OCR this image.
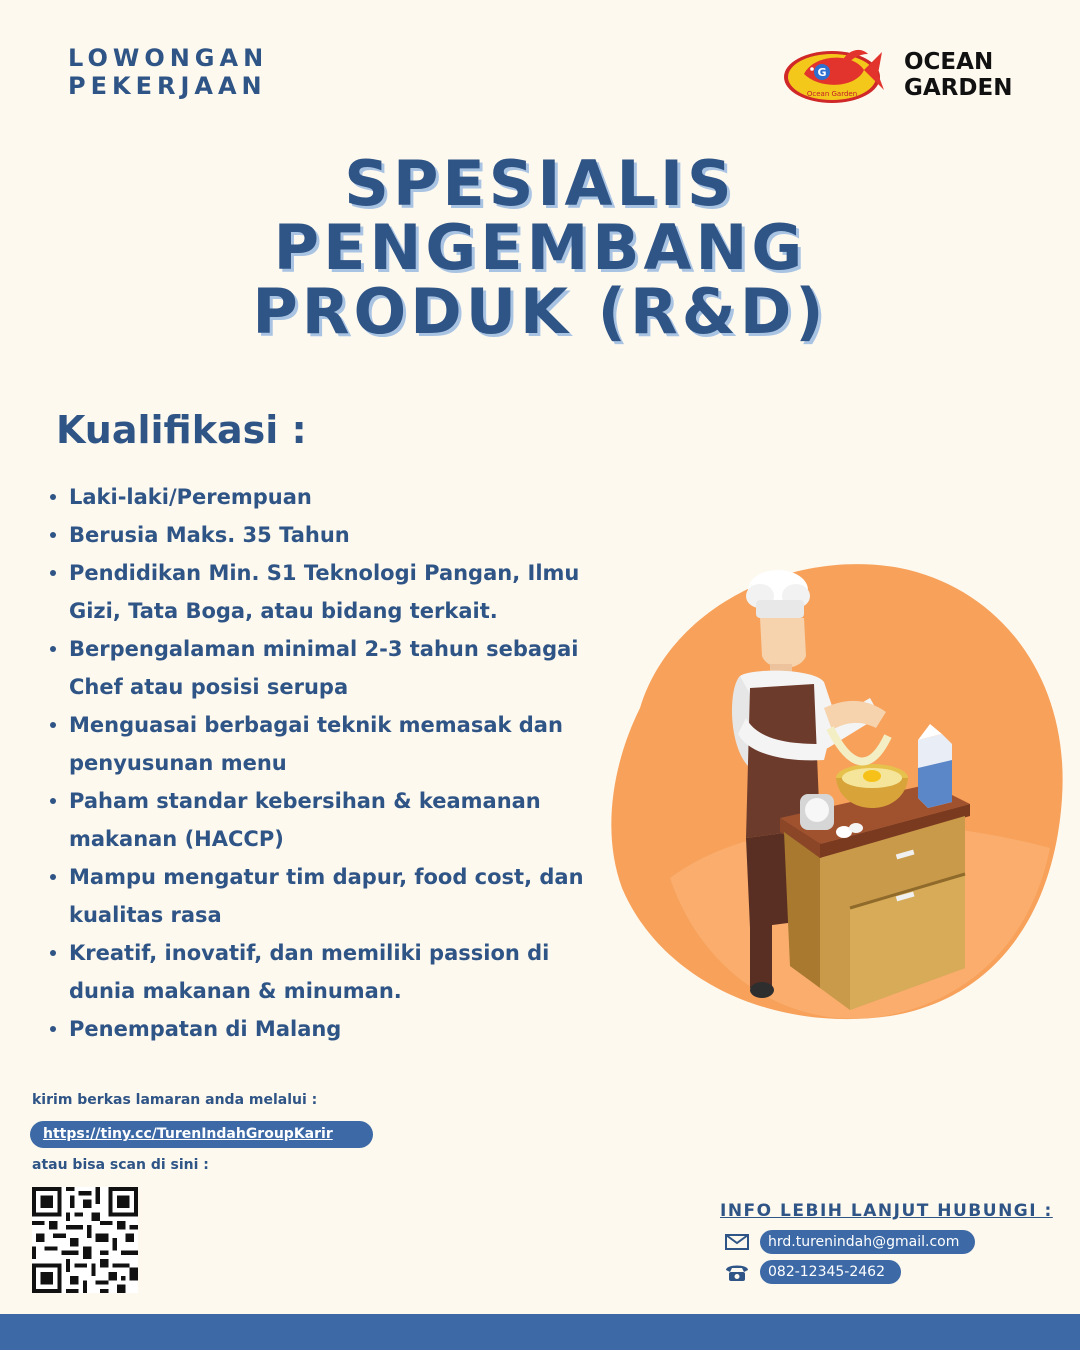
LOWONGAN
PEKERJAAN	G
Ocean Garden
OCEAN
GARDEN
SPESIALIS
PENGEMBANG
PRODUK (R&D)
Kualifikasi :
Laki-laki/Perempuan
Berusia Maks. 35 Tahun
Pendidikan Min. S1 Teknologi Pangan, Ilmu Gizi, Tata Boga, atau bidang terkait.
Berpengalaman minimal 2-3 tahun sebagai Chef atau posisi serupa
Menguasai berbagai teknik memasak dan penyusunan menu
Paham standar kebersihan & keamanan makanan (HACCP)
Mampu mengatur tim dapur, food cost, dan kualitas rasa
Kreatif, inovatif, dan memiliki passion di dunia makanan & minuman.
Penempatan di Malang
kirim berkas lamaran anda melalui :
https://tiny.cc/TurenIndahGroupKarir
atau bisa scan di sini :
INFO LEBIH LANJUT HUBUNGI :
hrd.turenindah@gmail.com
082-12345-2462
